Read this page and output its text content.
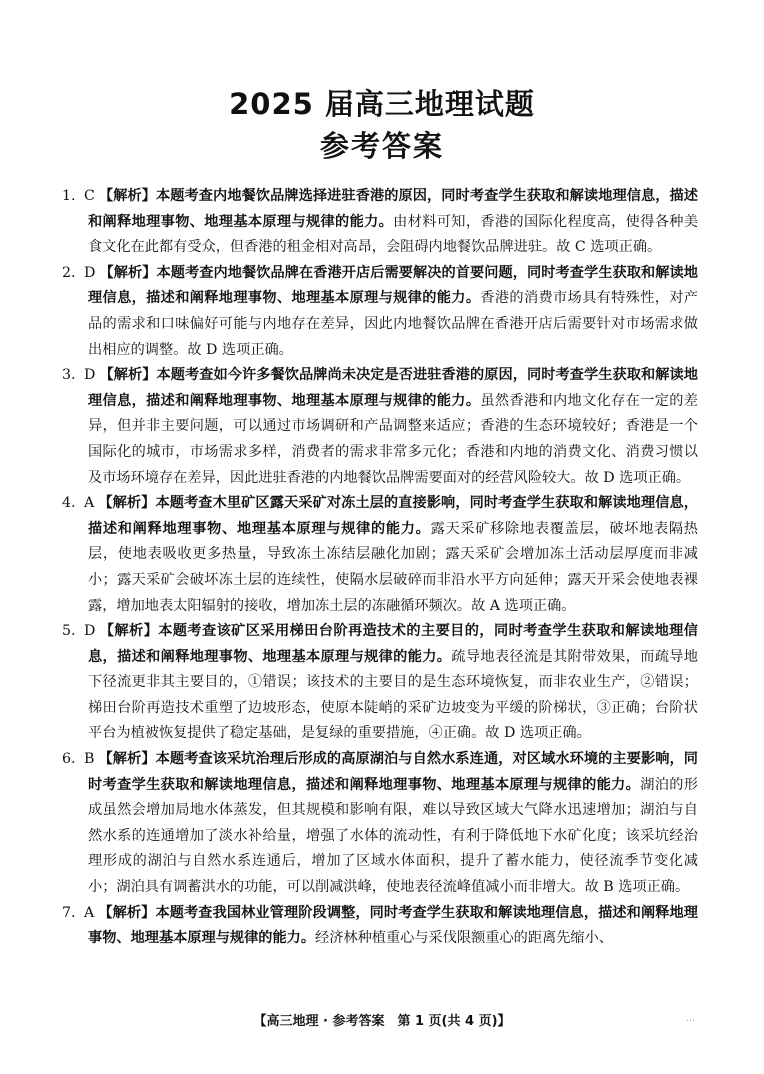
2025 届高三地理试题
参考答案

1. C 【解析】本题考查内地餐饮品牌选择进驻香港的原因，同时考查学生获取和解读地理信息，描述和阐释地理事物、地理基本原理与规律的能力。由材料可知，香港的国际化程度高，使得各种美食文化在此都有受众，但香港的租金相对高昂，会阻碍内地餐饮品牌进驻。故 C 选项正确。

2. D 【解析】本题考查内地餐饮品牌在香港开店后需要解决的首要问题，同时考查学生获取和解读地理信息，描述和阐释地理事物、地理基本原理与规律的能力。香港的消费市场具有特殊性，对产品的需求和口味偏好可能与内地存在差异，因此内地餐饮品牌在香港开店后需要针对市场需求做出相应的调整。故 D 选项正确。

3. D 【解析】本题考查如今许多餐饮品牌尚未决定是否进驻香港的原因，同时考查学生获取和解读地理信息，描述和阐释地理事物、地理基本原理与规律的能力。虽然香港和内地文化存在一定的差异，但并非主要问题，可以通过市场调研和产品调整来适应；香港的生态环境较好；香港是一个国际化的城市，市场需求多样，消费者的需求非常多元化；香港和内地的消费文化、消费习惯以及市场环境存在差异，因此进驻香港的内地餐饮品牌需要面对的经营风险较大。故 D 选项正确。

4. A 【解析】本题考查木里矿区露天采矿对冻土层的直接影响，同时考查学生获取和解读地理信息，描述和阐释地理事物、地理基本原理与规律的能力。露天采矿移除地表覆盖层，破坏地表隔热层，使地表吸收更多热量，导致冻土冻结层融化加剧；露天采矿会增加冻土活动层厚度而非减小；露天采矿会破坏冻土层的连续性，使隔水层破碎而非沿水平方向延伸；露天开采会使地表裸露，增加地表太阳辐射的接收，增加冻土层的冻融循环频次。故 A 选项正确。

5. D 【解析】本题考查该矿区采用梯田台阶再造技术的主要目的，同时考查学生获取和解读地理信息，描述和阐释地理事物、地理基本原理与规律的能力。疏导地表径流是其附带效果，而疏导地下径流更非其主要目的，①错误；该技术的主要目的是生态环境恢复，而非农业生产，②错误；梯田台阶再造技术重塑了边坡形态，使原本陡峭的采矿边坡变为平缓的阶梯状，③正确；台阶状平台为植被恢复提供了稳定基础，是复绿的重要措施，④正确。故 D 选项正确。

6. B 【解析】本题考查该采坑治理后形成的高原湖泊与自然水系连通，对区域水环境的主要影响，同时考查学生获取和解读地理信息，描述和阐释地理事物、地理基本原理与规律的能力。湖泊的形成虽然会增加局地水体蒸发，但其规模和影响有限，难以导致区域大气降水迅速增加；湖泊与自然水系的连通增加了淡水补给量，增强了水体的流动性，有利于降低地下水矿化度；该采坑经治理形成的湖泊与自然水系连通后，增加了区域水体面积，提升了蓄水能力，使径流季节变化减小；湖泊具有调蓄洪水的功能，可以削减洪峰，使地表径流峰值减小而非增大。故 B 选项正确。

7. A 【解析】本题考查我国林业管理阶段调整，同时考查学生获取和解读地理信息，描述和阐释地理事物、地理基本原理与规律的能力。经济林种植重心与采伐限额重心的距离先缩小、

【高三地理 · 参考答案　第 1 页(共 4 页)】	…
